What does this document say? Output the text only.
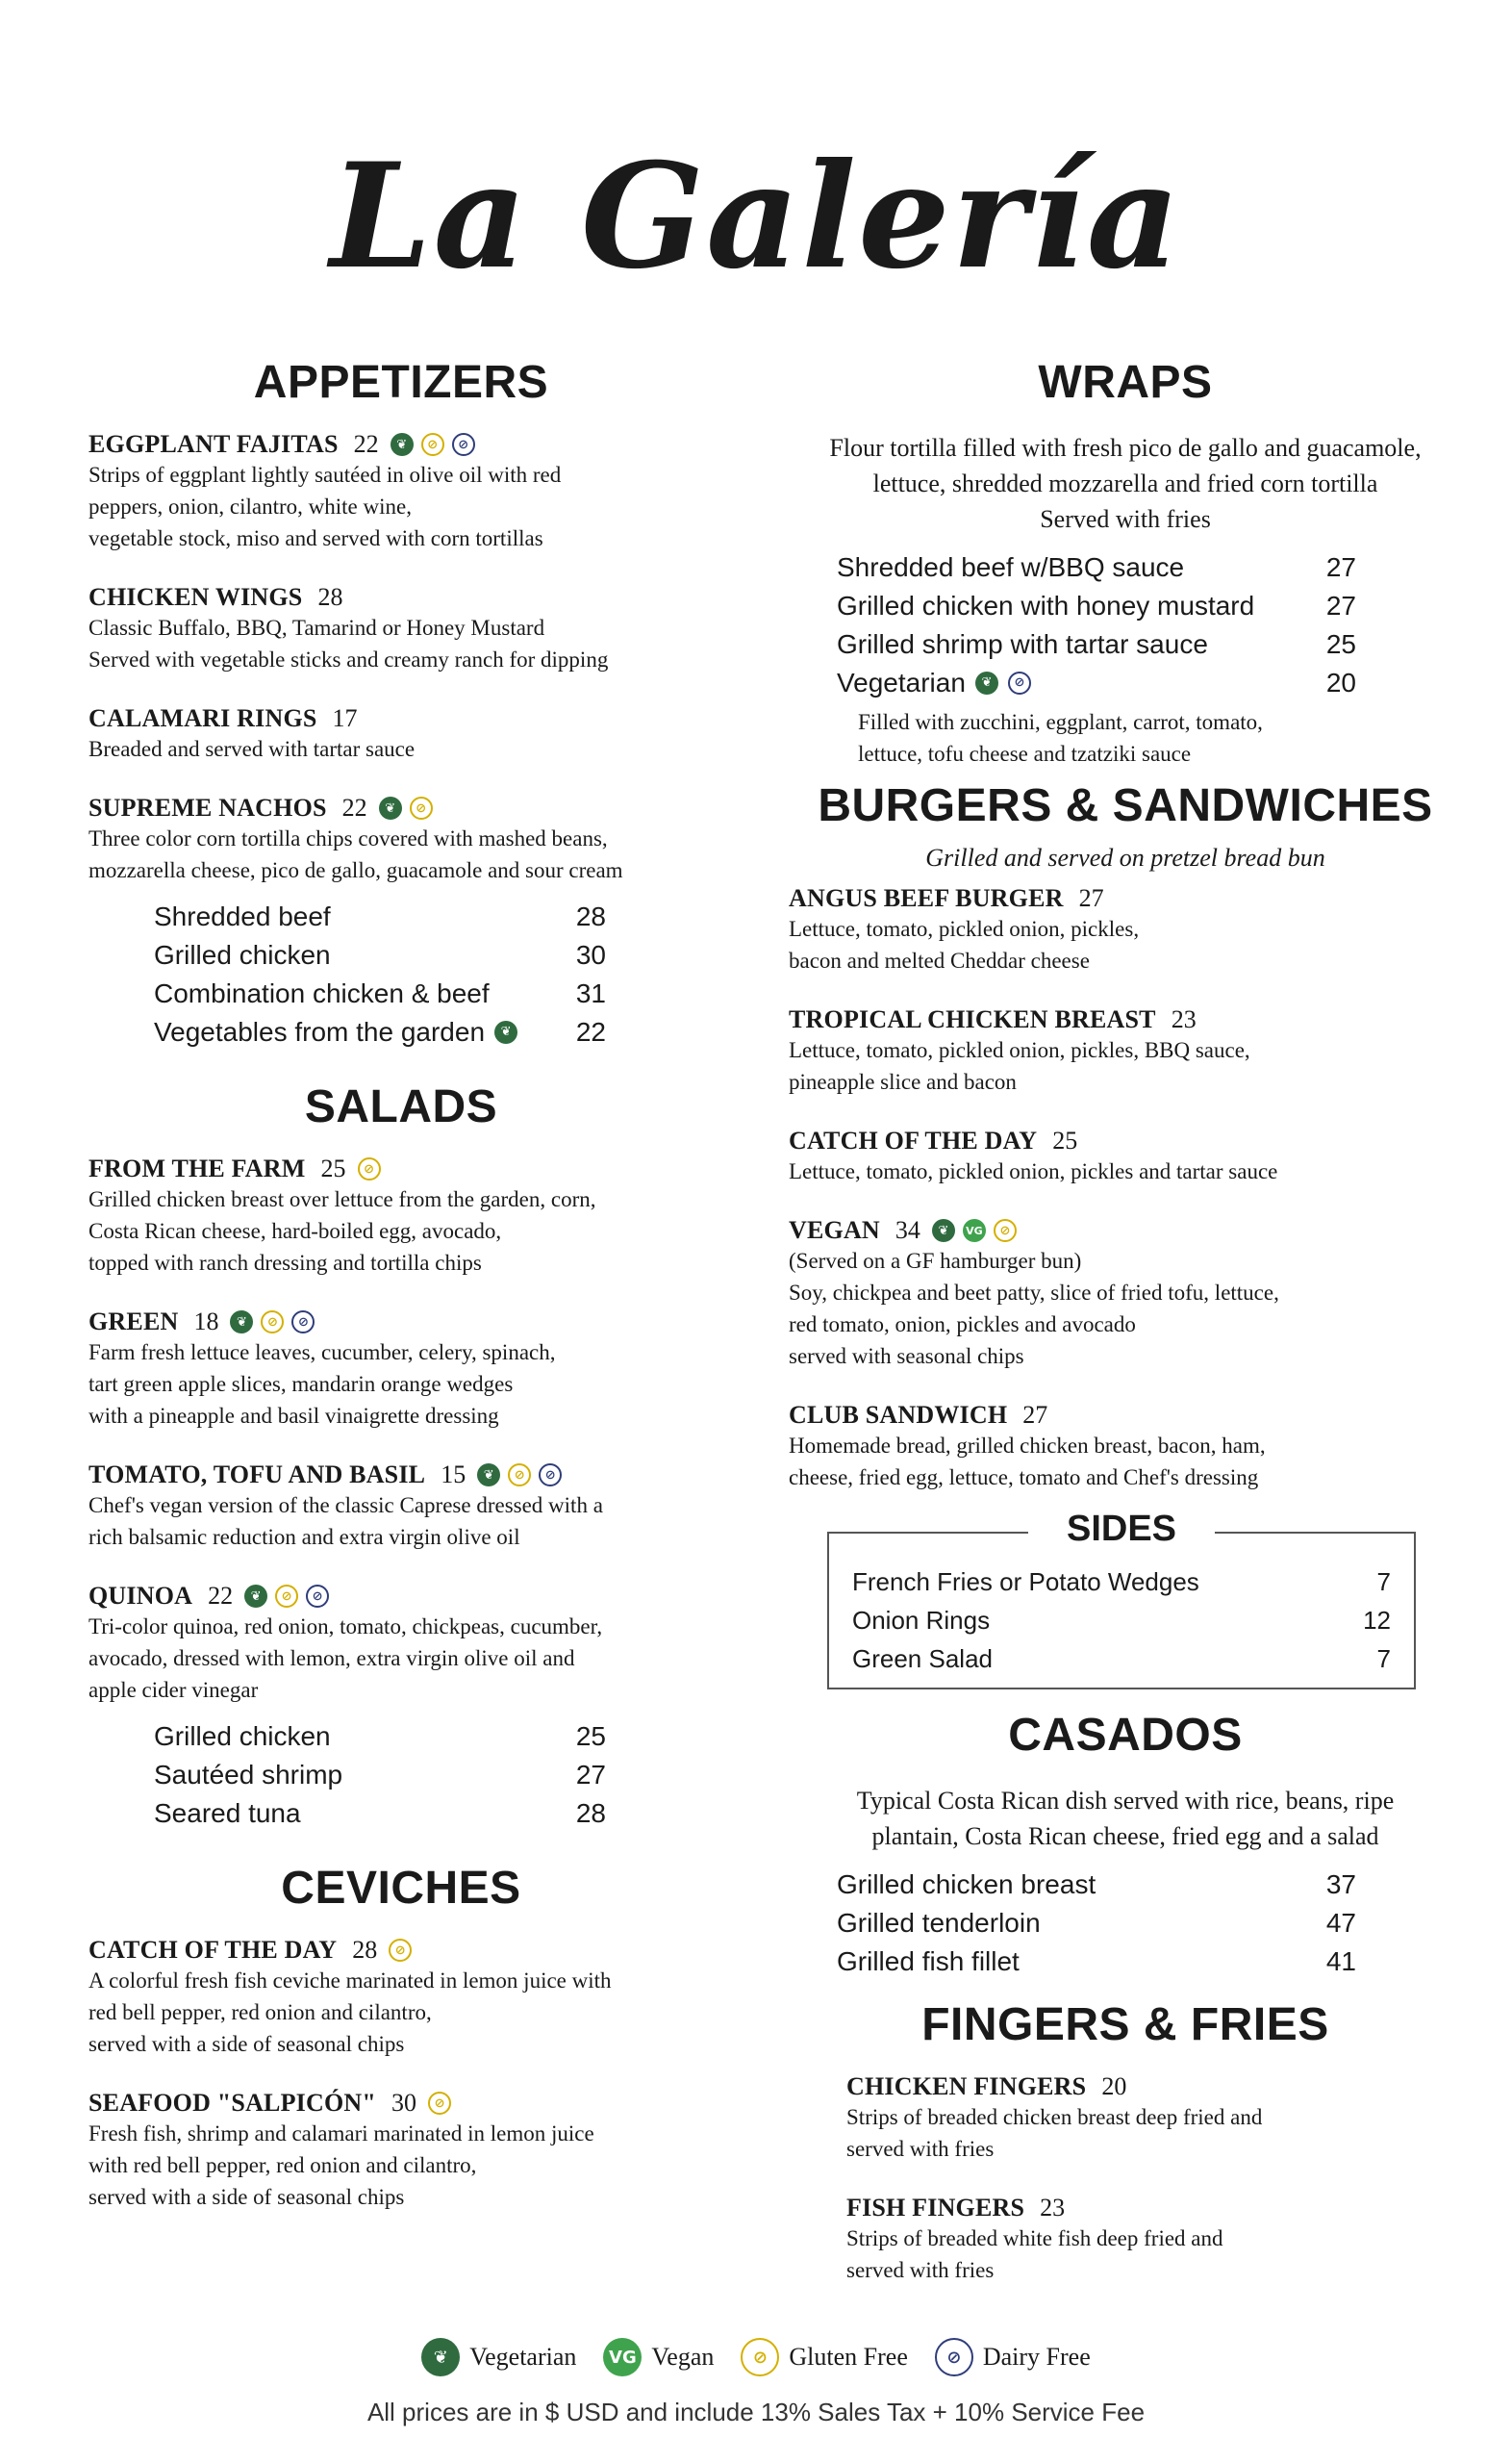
La Galería
APPETIZERS
EGGPLANT FAJITAS 22	❦	⊘	⊘
Strips of eggplant lightly sautéed in olive oil with red
peppers, onion, cilantro, white wine,
vegetable stock, miso and served with corn tortillas
CHICKEN WINGS 28
Classic Buffalo, BBQ, Tamarind or Honey Mustard
Served with vegetable sticks and creamy ranch for dipping
CALAMARI RINGS 17
Breaded and served with tartar sauce
SUPREME NACHOS 22	❦	⊘
Three color corn tortilla chips covered with mashed beans,
mozzarella cheese, pico de gallo, guacamole and sour cream
Shredded beef	28
Grilled chicken	30
Combination chicken & beef	31
Vegetables from the garden	❦ 22
SALADS
FROM THE FARM 25	⊘
Grilled chicken breast over lettuce from the garden, corn,
Costa Rican cheese, hard-boiled egg, avocado,
topped with ranch dressing and tortilla chips
GREEN 18	❦	⊘	⊘
Farm fresh lettuce leaves, cucumber, celery, spinach,
tart green apple slices, mandarin orange wedges
with a pineapple and basil vinaigrette dressing
TOMATO, TOFU AND BASIL 15	❦	⊘	⊘
Chef's vegan version of the classic Caprese dressed with a
rich balsamic reduction and extra virgin olive oil
QUINOA 22	❦	⊘	⊘
Tri-color quinoa, red onion, tomato, chickpeas, cucumber,
avocado, dressed with lemon, extra virgin olive oil and
apple cider vinegar
Grilled chicken	25
Sautéed shrimp	27
Seared tuna	28
CEVICHES
CATCH OF THE DAY 28	⊘
A colorful fresh fish ceviche marinated in lemon juice with
red bell pepper, red onion and cilantro,
served with a side of seasonal chips
SEAFOOD "SALPICÓN" 30	⊘
Fresh fish, shrimp and calamari marinated in lemon juice
with red bell pepper, red onion and cilantro,
served with a side of seasonal chips
WRAPS
Flour tortilla filled with fresh pico de gallo and guacamole,
lettuce, shredded mozzarella and fried corn tortilla
Served with fries
Shredded beef w/BBQ sauce	27
Grilled chicken with honey mustard	27
Grilled shrimp with tartar sauce	25
Vegetarian	❦	⊘	20
Filled with zucchini, eggplant, carrot, tomato,
lettuce, tofu cheese and tzatziki sauce
BURGERS & SANDWICHES
Grilled and served on pretzel bread bun
ANGUS BEEF BURGER 27
Lettuce, tomato, pickled onion, pickles,
bacon and melted Cheddar cheese
TROPICAL CHICKEN BREAST 23
Lettuce, tomato, pickled onion, pickles, BBQ sauce,
pineapple slice and bacon
CATCH OF THE DAY 25
Lettuce, tomato, pickled onion, pickles and tartar sauce
VEGAN 34	❦	VG	⊘
(Served on a GF hamburger bun)
Soy, chickpea and beet patty, slice of fried tofu, lettuce,
red tomato, onion, pickles and avocado
served with seasonal chips
CLUB SANDWICH 27
Homemade bread, grilled chicken breast, bacon, ham,
cheese, fried egg, lettuce, tomato and Chef's dressing
SIDES
French Fries or Potato Wedges	7
Onion Rings	12
Green Salad	7
CASADOS
Typical Costa Rican dish served with rice, beans, ripe
plantain, Costa Rican cheese, fried egg and a salad
Grilled chicken breast	37
Grilled tenderloin	47
Grilled fish fillet	41
FINGERS & FRIES
CHICKEN FINGERS 20
Strips of breaded chicken breast deep fried and
served with fries
FISH FINGERS 23
Strips of breaded white fish deep fried and
served with fries
❦ Vegetarian	VG Vegan	⊘ Gluten Free	⊘ Dairy Free
All prices are in $ USD and include 13% Sales Tax + 10% Service Fee
